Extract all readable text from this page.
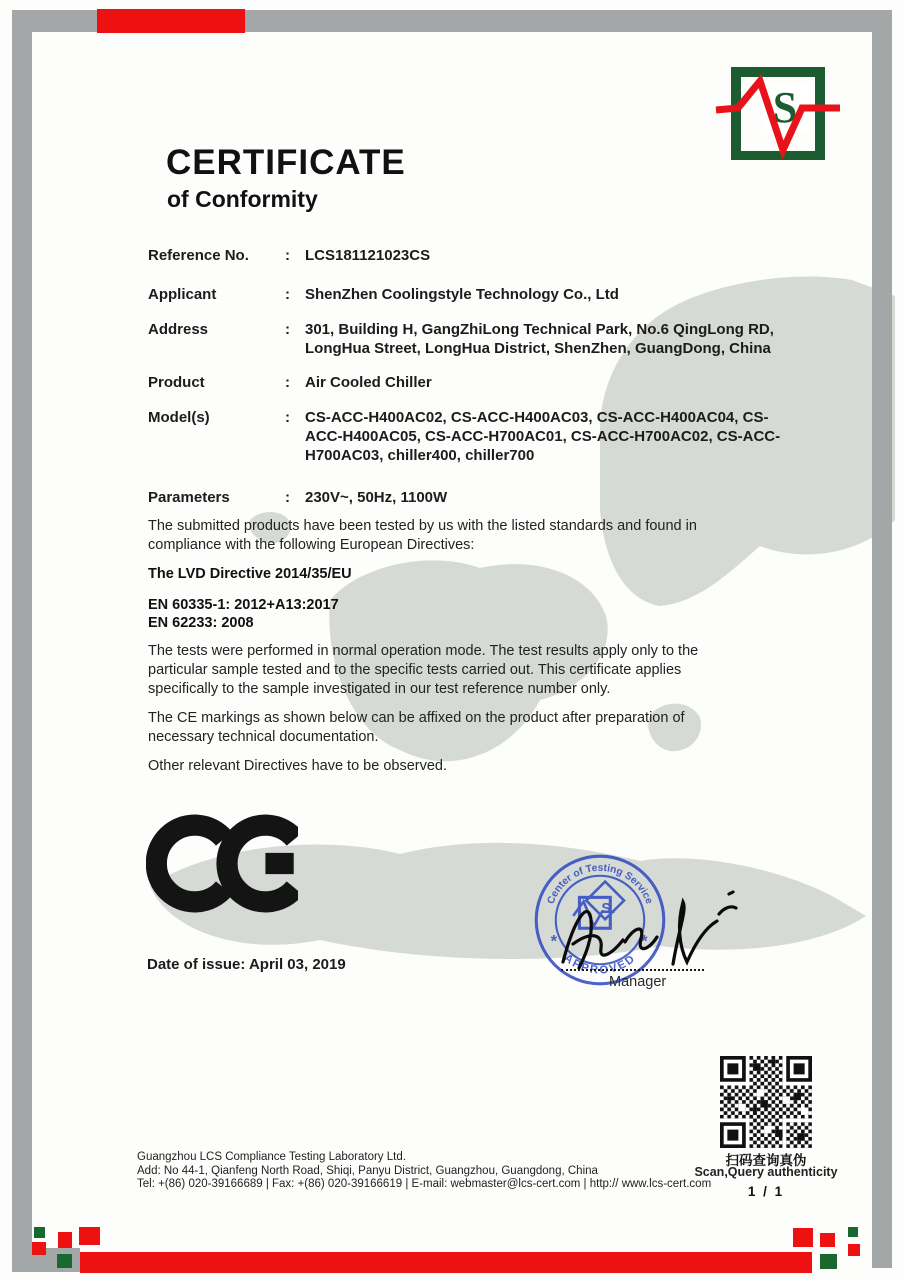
S
CERTIFICATE
of Conformity
Reference No.	:	LCS181121023CS
Applicant	:	ShenZhen Coolingstyle Technology Co., Ltd
Address	:	301, Building H, GangZhiLong Technical Park, No.6 QingLong RD, LongHua Street, LongHua District, ShenZhen, GuangDong, China
Product	:	Air Cooled Chiller
Model(s)	:	CS-ACC-H400AC02, CS-ACC-H400AC03, CS-ACC-H400AC04, CS-ACC-H400AC05, CS-ACC-H700AC01, CS-ACC-H700AC02, CS-ACC-H700AC03, chiller400, chiller700
Parameters	:	230V~, 50Hz, 1100W
The submitted products have been tested by us with the listed standards and found in compliance with the following European Directives:
The LVD Directive 2014/35/EU
EN 60335-1: 2012+A13:2017
EN 62233: 2008
The tests were performed in normal operation mode. The test results apply only to the particular sample tested and to the specific tests carried out. This certificate applies specifically to the sample investigated in our test reference number only.
The CE markings as shown below can be affixed on the product after preparation of necessary technical documentation.
Other relevant Directives have to be observed.
Date of issue: April 03, 2019
Center of Testing Service
APPROVED
*	*
S
Manager
扫码查询真伪
Scan,Query authenticity
1 / 1
Guangzhou LCS Compliance Testing Laboratory Ltd.
Add: No 44-1, Qianfeng North Road, Shiqi, Panyu District, Guangzhou, Guangdong, China
Tel: +(86) 020-39166689 | Fax: +(86) 020-39166619 | E-mail: webmaster@lcs-cert.com | http:// www.lcs-cert.com
